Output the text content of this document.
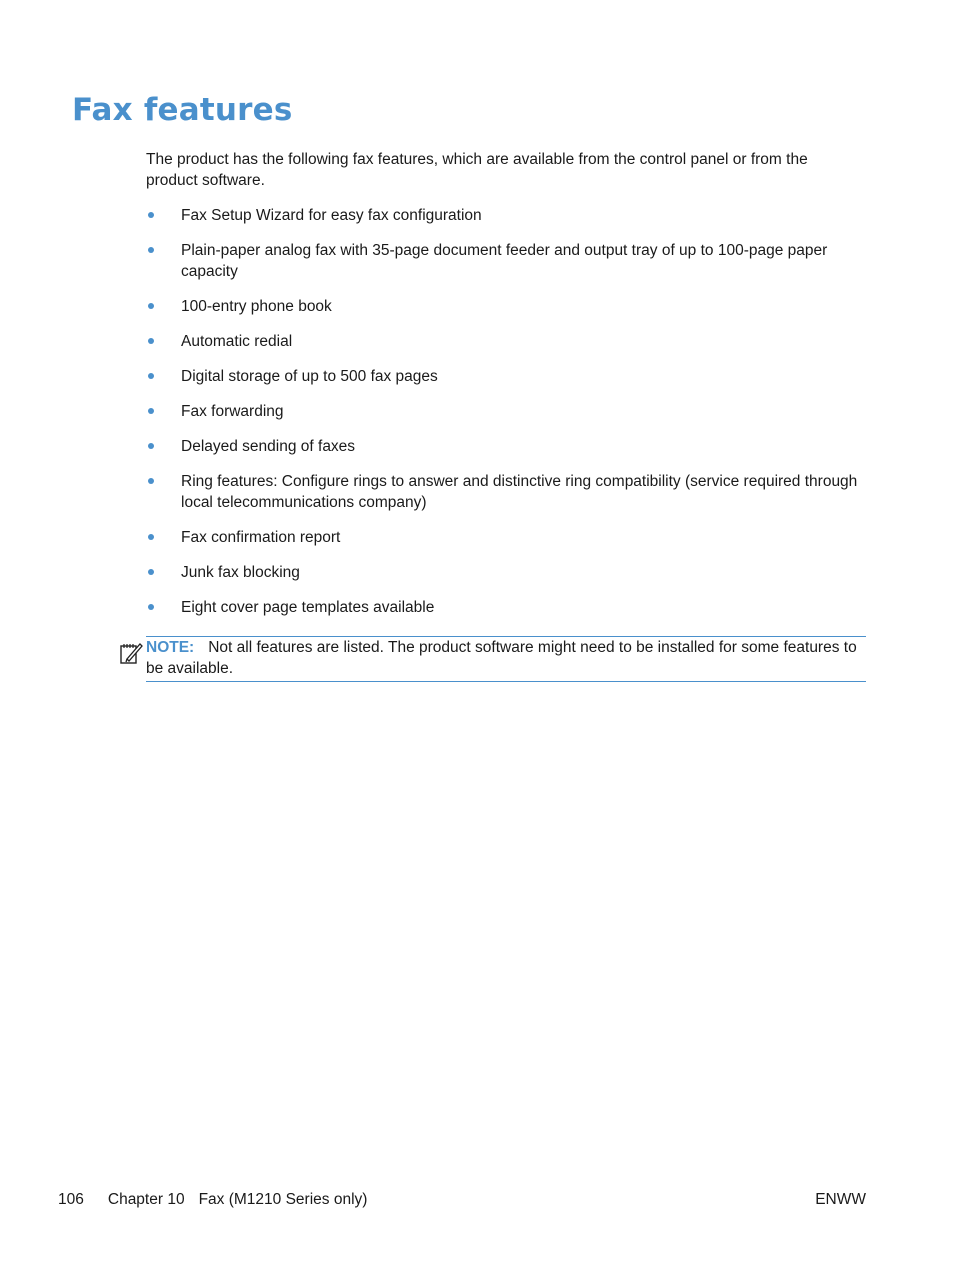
Fax features

The product has the following fax features, which are available from the control panel or from the product software.

Fax Setup Wizard for easy fax configuration
Plain-paper analog fax with 35-page document feeder and output tray of up to 100-page paper capacity
100-entry phone book
Automatic redial
Digital storage of up to 500 fax pages
Fax forwarding
Delayed sending of faxes
Ring features: Configure rings to answer and distinctive ring compatibility (service required through local telecommunications company)
Fax confirmation report
Junk fax blocking
Eight cover page templates available
NOTE: Not all features are listed. The product software might need to be installed for some features to be available.
106 Chapter 10 Fax (M1210 Series only)	ENWW
